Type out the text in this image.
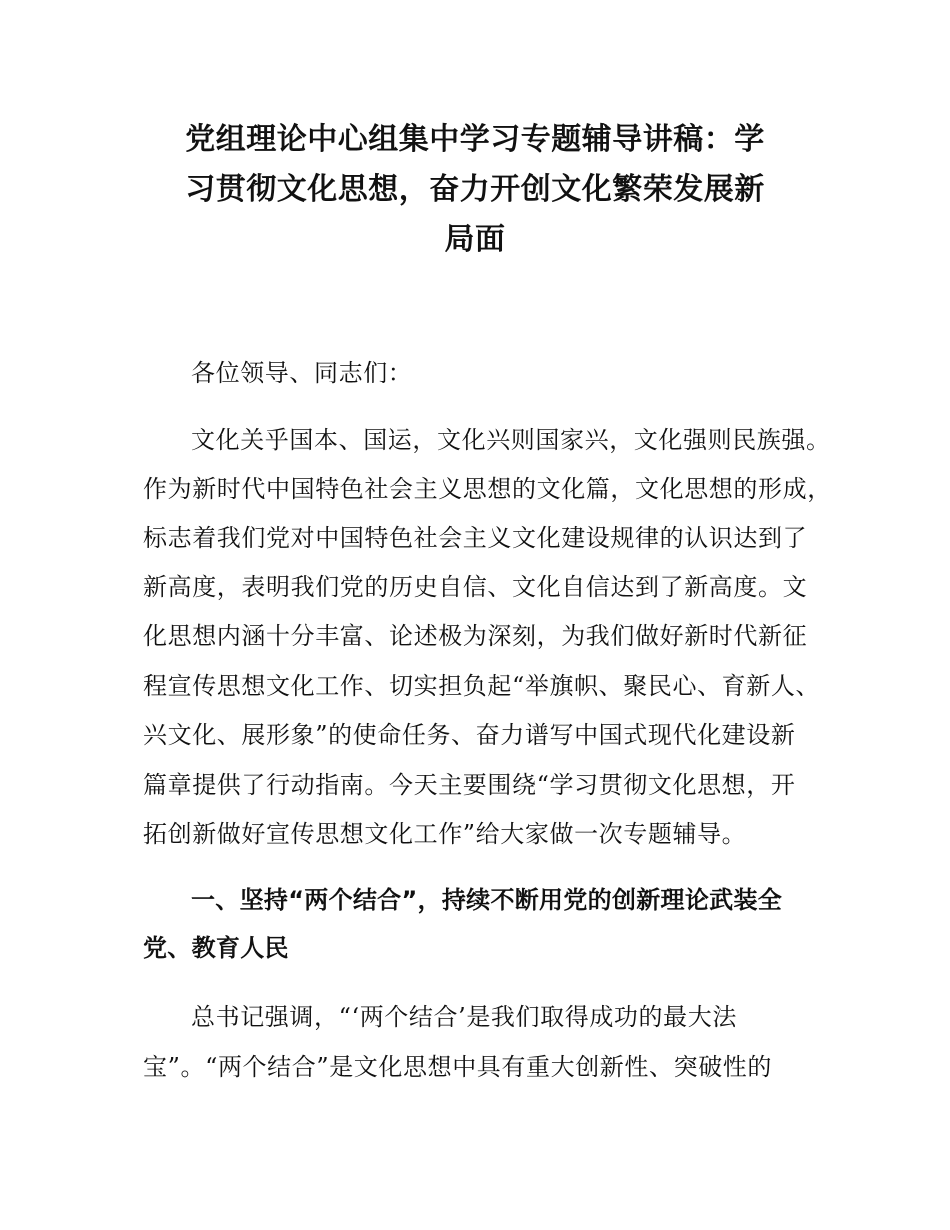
党组理论中心组集中学习专题辅导讲稿：学
习贯彻文化思想，奋力开创文化繁荣发展新
局面
各位领导、同志们：
文化关乎国本、国运，文化兴则国家兴，文化强则民族强。
作为新时代中国特色社会主义思想的文化篇，文化思想的形成，
标志着我们党对中国特色社会主义文化建设规律的认识达到了
新高度，表明我们党的历史自信、文化自信达到了新高度。文
化思想内涵十分丰富、论述极为深刻，为我们做好新时代新征
程宣传思想文化工作、切实担负起“举旗帜、聚民心、育新人、
兴文化、展形象”的使命任务、奋力谱写中国式现代化建设新
篇章提供了行动指南。今天主要围绕“学习贯彻文化思想，开
拓创新做好宣传思想文化工作”给大家做一次专题辅导。
一、坚持“两个结合”，持续不断用党的创新理论武装全
党、教育人民
总书记强调，“‘两个结合’是我们取得成功的最大法
宝”。“两个结合”是文化思想中具有重大创新性、突破性的
